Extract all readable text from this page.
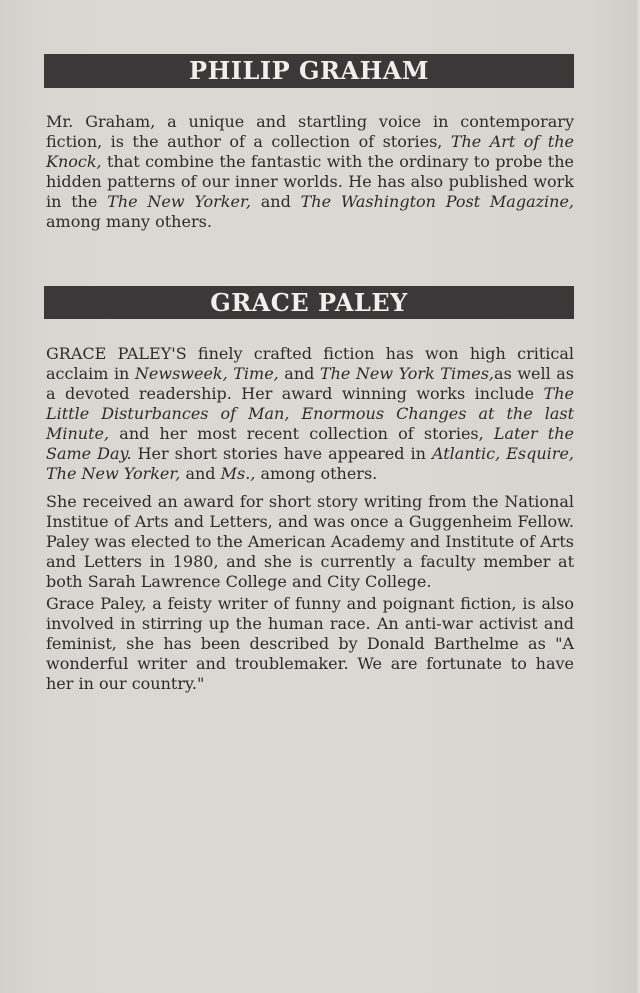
PHILIP GRAHAM

Mr. Graham, a unique and startling voice in contemporary fiction, is the author of a collection of stories, The Art of the Knock, that combine the fantastic with the ordinary to probe the hidden patterns of our inner worlds. He has also published work in the The New Yorker, and The Washington Post Magazine, among many others.

GRACE PALEY

GRACE PALEY'S finely crafted fiction has won high critical acclaim in Newsweek, Time, and The New York Times,as well as a devoted readership. Her award winning works include The Little Disturbances of Man, Enormous Changes at the last Minute, and her most recent collection of stories, Later the Same Day. Her short stories have appeared in Atlantic, Esquire, The New Yorker, and Ms., among others.

She received an award for short story writing from the National Institue of Arts and Letters, and was once a Guggenheim Fellow. Paley was elected to the American Academy and Institute of Arts and Letters in 1980, and she is currently a faculty member at both Sarah Lawrence College and City College.

Grace Paley, a feisty writer of funny and poignant fiction, is also involved in stirring up the human race. An anti-war activist and feminist, she has been described by Donald Barthelme as "A wonderful writer and troublemaker. We are fortunate to have her in our country."
